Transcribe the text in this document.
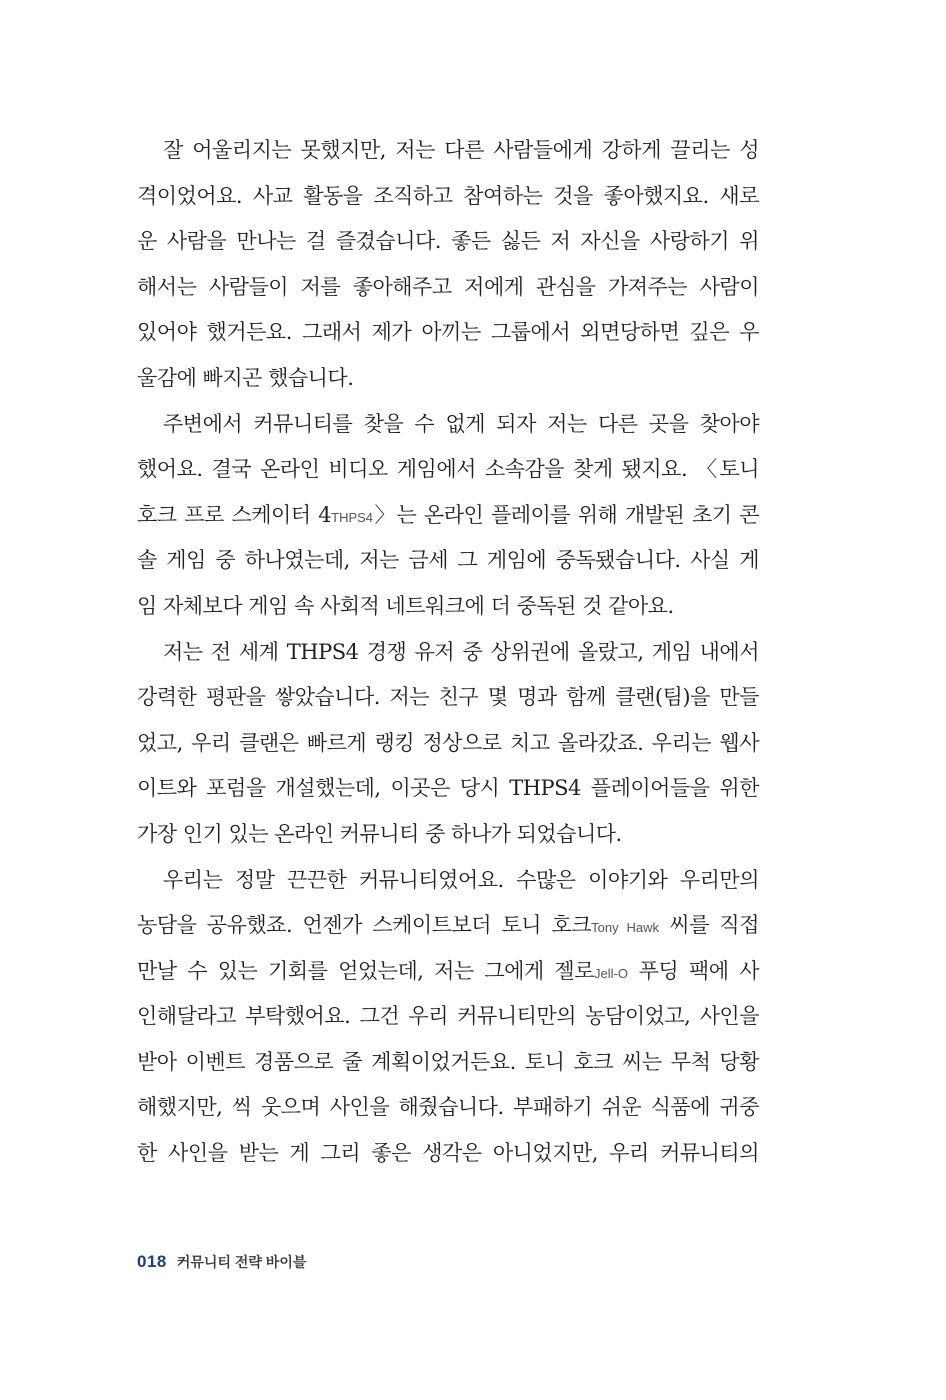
잘 어울리지는 못했지만, 저는 다른 사람들에게 강하게 끌리는 성
격이었어요. 사교 활동을 조직하고 참여하는 것을 좋아했지요. 새로
운 사람을 만나는 걸 즐겼습니다. 좋든 싫든 저 자신을 사랑하기 위
해서는 사람들이 저를 좋아해주고 저에게 관심을 가져주는 사람이
있어야 했거든요. 그래서 제가 아끼는 그룹에서 외면당하면 깊은 우
울감에 빠지곤 했습니다.
주변에서 커뮤니티를 찾을 수 없게 되자 저는 다른 곳을 찾아야
했어요. 결국 온라인 비디오 게임에서 소속감을 찾게 됐지요. 〈토니
호크 프로 스케이터 4THPS4〉는 온라인 플레이를 위해 개발된 초기 콘
솔 게임 중 하나였는데, 저는 금세 그 게임에 중독됐습니다. 사실 게
임 자체보다 게임 속 사회적 네트워크에 더 중독된 것 같아요.
저는 전 세계 THPS4 경쟁 유저 중 상위권에 올랐고, 게임 내에서
강력한 평판을 쌓았습니다. 저는 친구 몇 명과 함께 클랜(팀)을 만들
었고, 우리 클랜은 빠르게 랭킹 정상으로 치고 올라갔죠. 우리는 웹사
이트와 포럼을 개설했는데, 이곳은 당시 THPS4 플레이어들을 위한
가장 인기 있는 온라인 커뮤니티 중 하나가 되었습니다.
우리는 정말 끈끈한 커뮤니티였어요. 수많은 이야기와 우리만의
농담을 공유했죠. 언젠가 스케이트보더 토니 호크Tony Hawk 씨를 직접
만날 수 있는 기회를 얻었는데, 저는 그에게 젤로Jell-O 푸딩 팩에 사
인해달라고 부탁했어요. 그건 우리 커뮤니티만의 농담이었고, 사인을
받아 이벤트 경품으로 줄 계획이었거든요. 토니 호크 씨는 무척 당황
해했지만, 씩 웃으며 사인을 해줬습니다. 부패하기 쉬운 식품에 귀중
한 사인을 받는 게 그리 좋은 생각은 아니었지만, 우리 커뮤니티의
018 커뮤니티 전략 바이블
